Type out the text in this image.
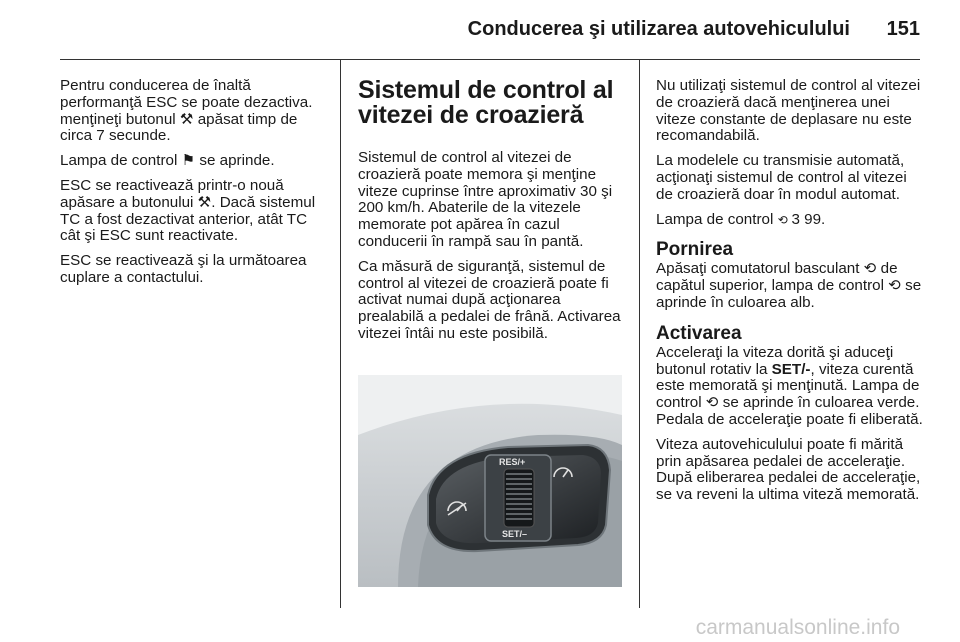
Conducerea şi utilizarea autovehiculului 151

Pentru conducerea de înaltă performanţă ESC se poate dezactiva. menţineţi butonul ⚒ apăsat timp de circa 7 secunde.

Lampa de control ⚑ se aprinde.

ESC se reactivează printr-o nouă apăsare a butonului ⚒. Dacă sistemul TC a fost dezactivat anterior, atât TC cât şi ESC sunt reactivate.

ESC se reactivează şi la următoarea cuplare a contactului.

Sistemul de control al vitezei de croazieră

Sistemul de control al vitezei de croazieră poate memora şi menţine viteze cuprinse între aproximativ 30 şi 200 km/h. Abaterile de la vitezele memorate pot apărea în cazul conducerii în rampă sau în pantă.

Ca măsură de siguranţă, sistemul de control al vitezei de croazieră poate fi activat numai după acţionarea prealabilă a pedalei de frână. Activarea vitezei întâi nu este posibilă.

RES/+
SET/–

Nu utilizaţi sistemul de control al vitezei de croazieră dacă menţinerea unei viteze constante de deplasare nu este recomandabilă.

La modelele cu transmisie automată, acţionaţi sistemul de control al vitezei de croazieră doar în modul automat.

Lampa de control ⟲ 3 99.

Pornirea

Apăsaţi comutatorul basculant ⟲ de capătul superior, lampa de control ⟲ se aprinde în culoarea alb.

Activarea

Acceleraţi la viteza dorită şi aduceţi butonul rotativ la SET/-, viteza curentă este memorată şi menţinută. Lampa de control ⟲ se aprinde în culoarea verde. Pedala de acceleraţie poate fi eliberată.

Viteza autovehiculului poate fi mărită prin apăsarea pedalei de acceleraţie. După eliberarea pedalei de acceleraţie, se va reveni la ultima viteză memorată.

carmanualsonline.info
